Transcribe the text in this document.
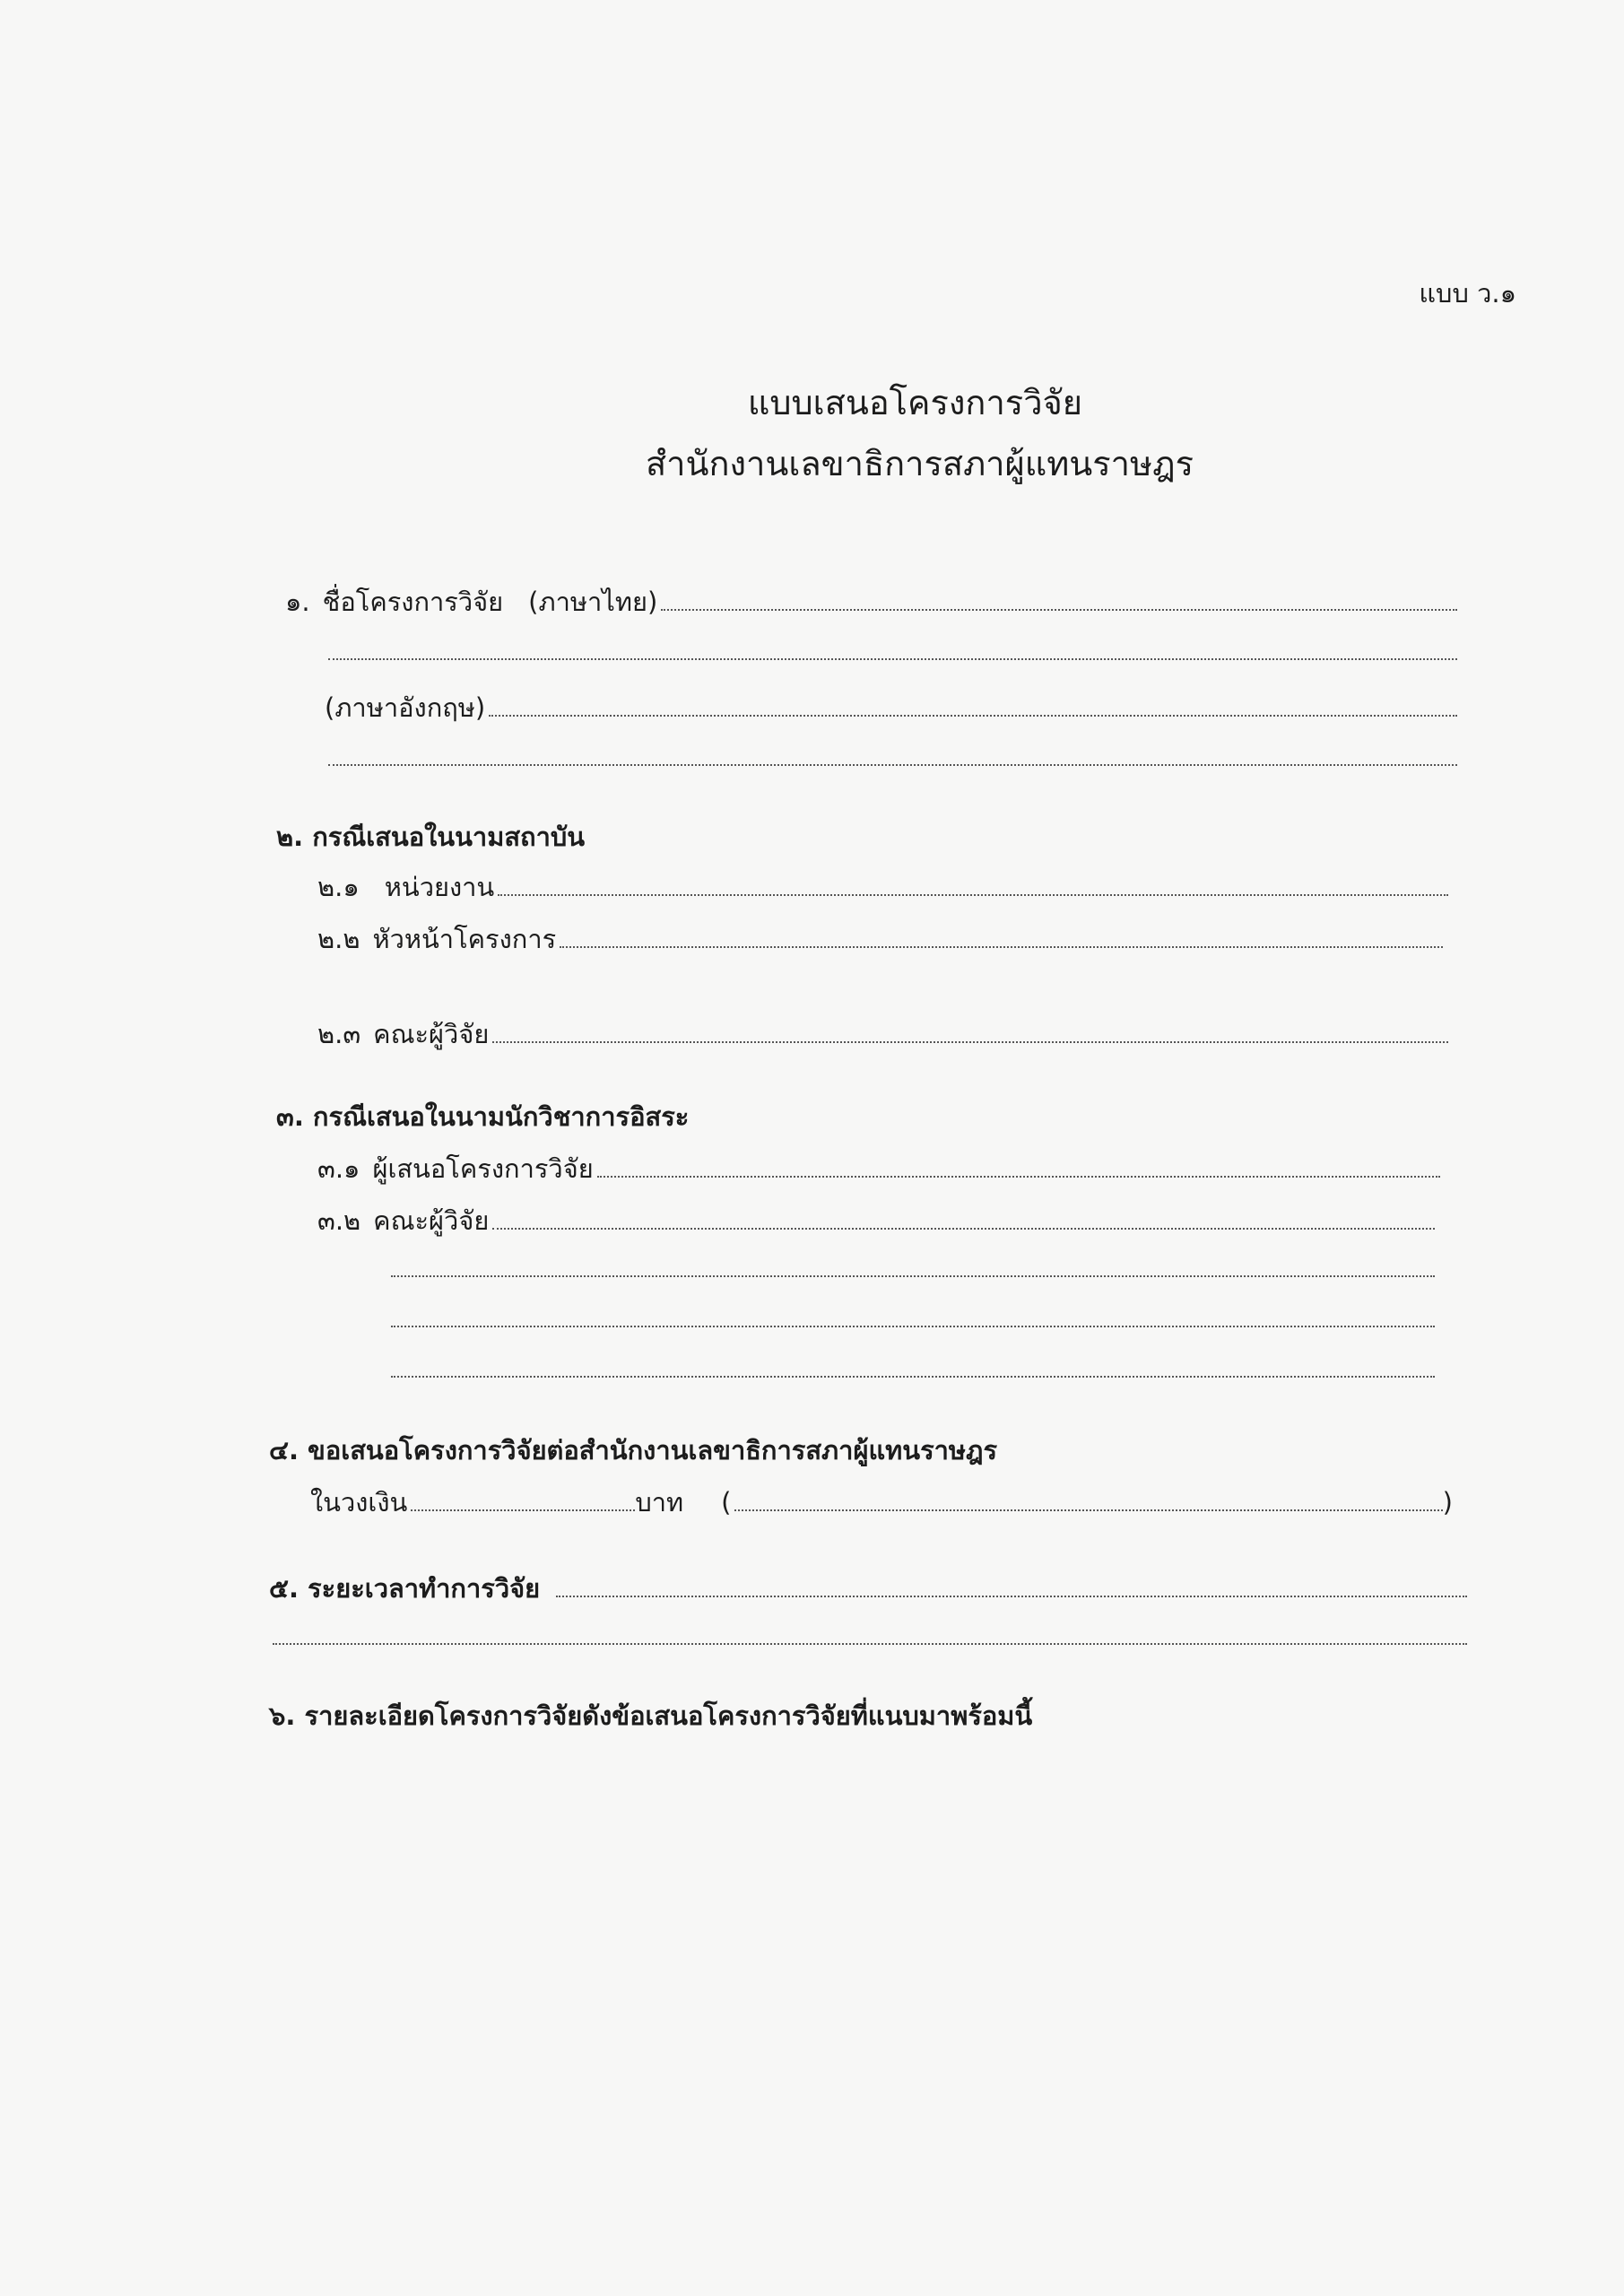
แบบ ว.๑
แบบเสนอโครงการวิจัย
สำนักงานเลขาธิการสภาผู้แทนราษฎร
๑. ชื่อโครงการวิจัย (ภาษาไทย)
(ภาษาอังกฤษ)
๒. กรณีเสนอในนามสถาบัน
๒.๑ หน่วยงาน
๒.๒ หัวหน้าโครงการ
๒.๓ คณะผู้วิจัย
๓. กรณีเสนอในนามนักวิชาการอิสระ
๓.๑ ผู้เสนอโครงการวิจัย
๓.๒ คณะผู้วิจัย
๔. ขอเสนอโครงการวิจัยต่อสำนักงานเลขาธิการสภาผู้แทนราษฎร
ในวงเงิน	บาท (	)
๕. ระยะเวลาทำการวิจัย
๖. รายละเอียดโครงการวิจัยดังข้อเสนอโครงการวิจัยที่แนบมาพร้อมนี้
